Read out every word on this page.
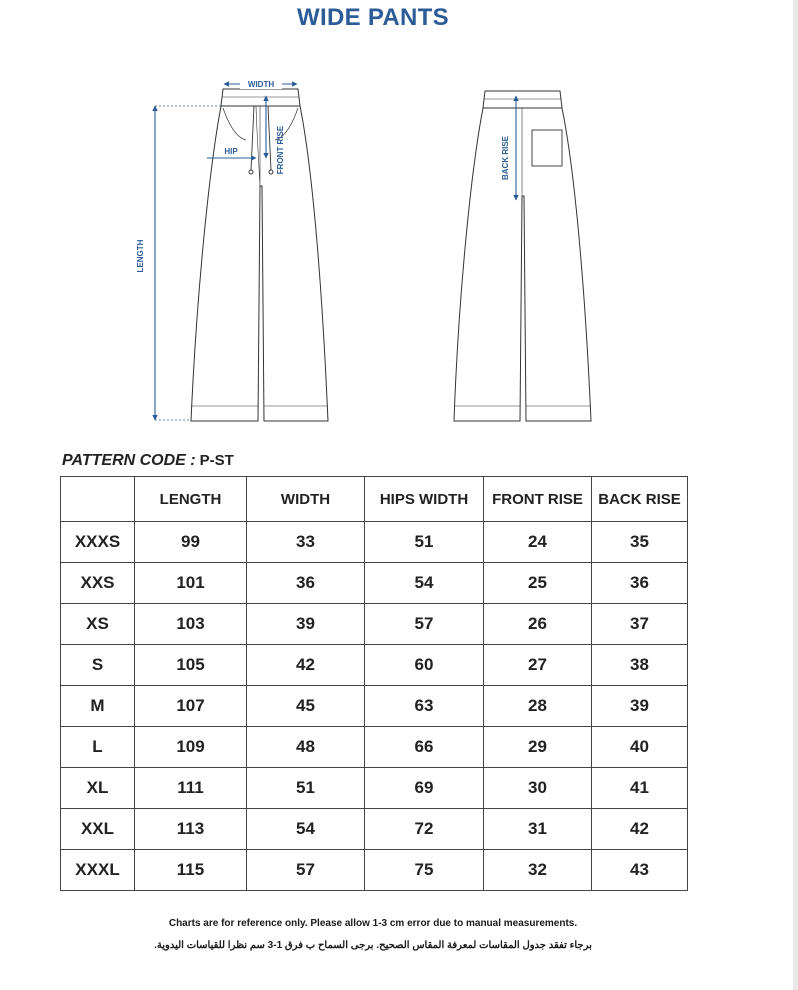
WIDE PANTS
WIDTH
HIP	FRONT RISE
LENGTH
BACK RISE
PATTERN CODE : P-ST
	LENGTH	WIDTH	HIPS WIDTH	FRONT RISE	BACK RISE
XXXS	99	33	51	24	35
XXS	101	36	54	25	36
XS	103	39	57	26	37
S	105	42	60	27	38
M	107	45	63	28	39
L	109	48	66	29	40
XL	111	51	69	30	41
XXL	113	54	72	31	42
XXXL	115	57	75	32	43
Charts are for reference only. Please allow 1-3 cm error due to manual measurements.
برجاء تفقد جدول المقاسات لمعرفة المقاس الصحيح. برجى السماح ب فرق 1-3 سم نظرا للقياسات اليدوية.
